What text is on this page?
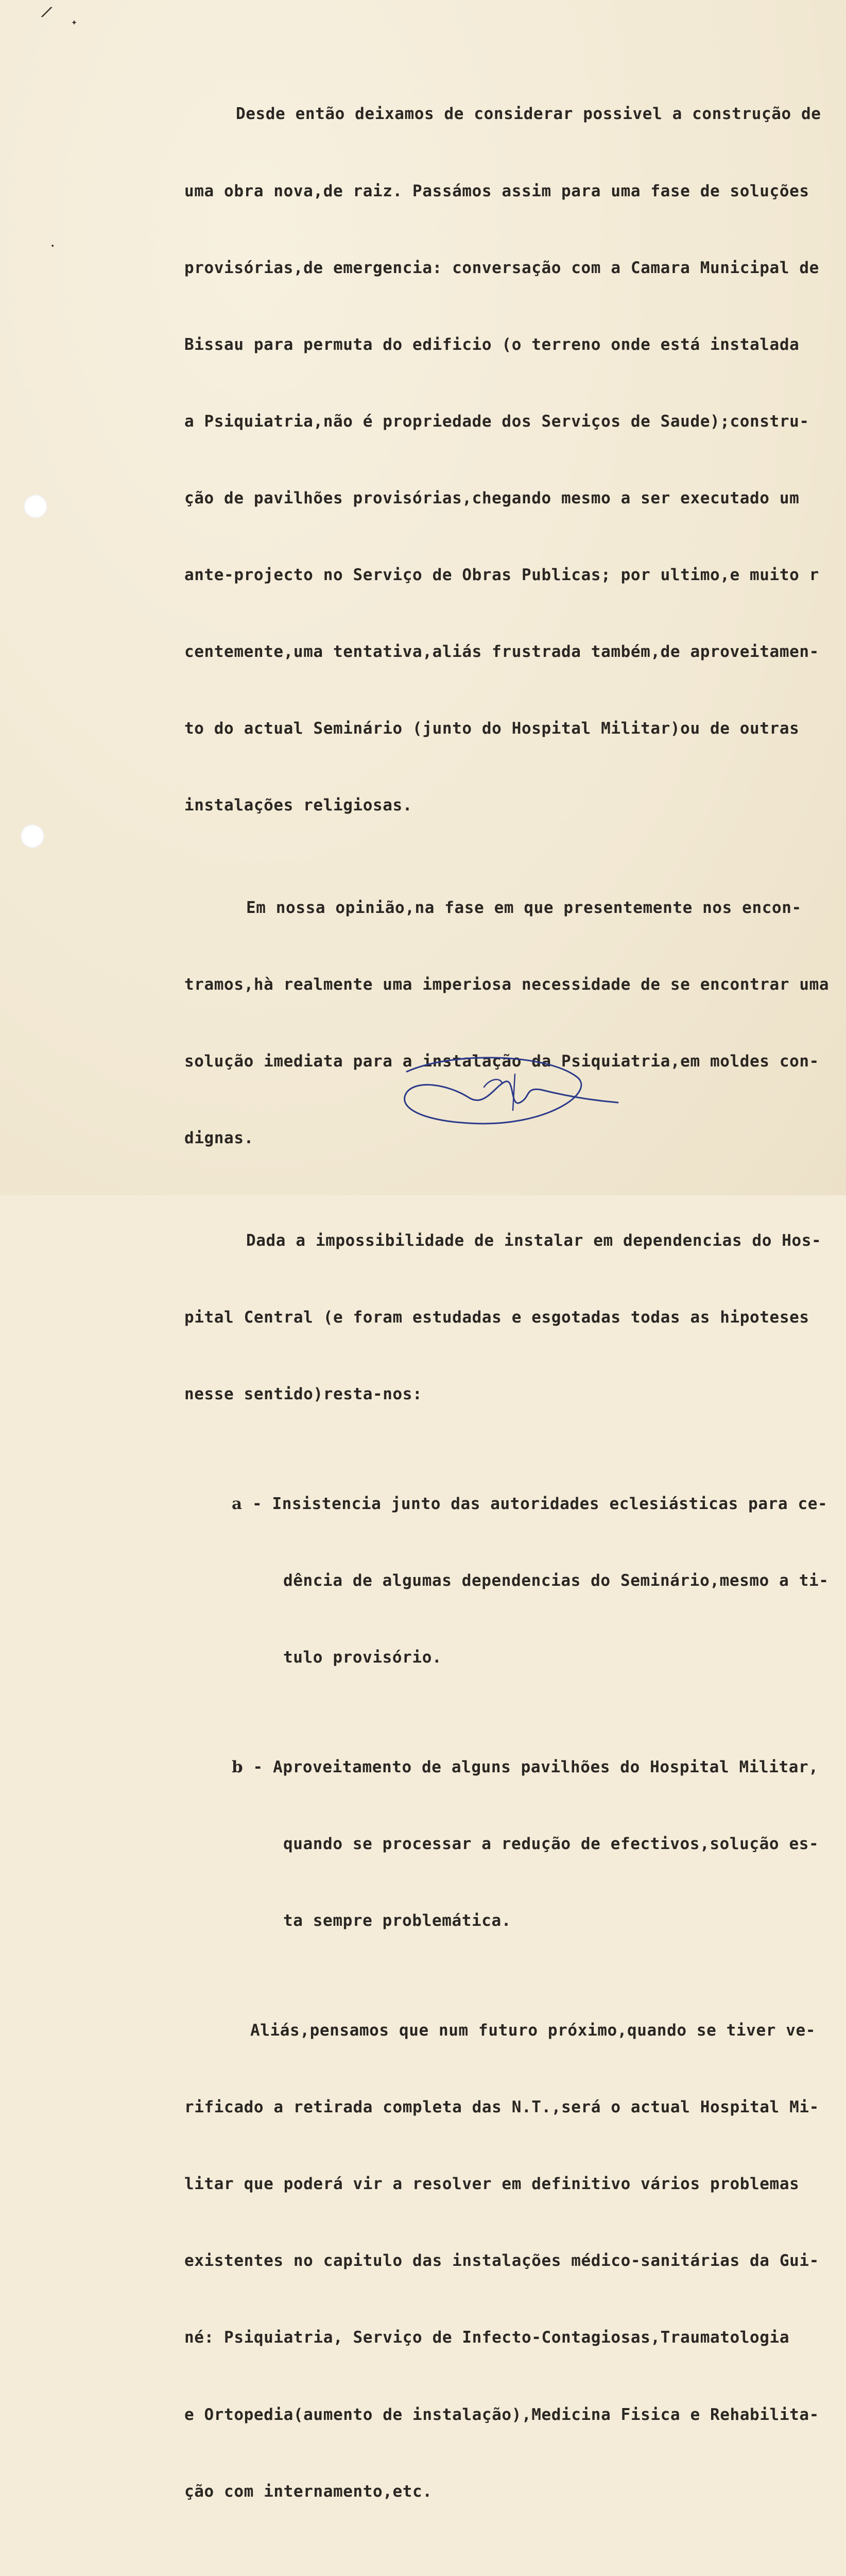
/ ✦
•

Desde então deixamos de considerar possivel a construção de

uma obra nova,de raiz. Passámos assim para uma fase de soluções

provisórias,de emergencia: conversação com a Camara Municipal de

Bissau para permuta do edificio (o terreno onde está instalada

a Psiquiatria,não é propriedade dos Serviços de Saude);constru-

ção de pavilhões provisórias,chegando mesmo a ser executado um

ante-projecto no Serviço de Obras Publicas; por ultimo,e muito r

centemente,uma tentativa,aliás frustrada também,de aproveitamen-

to do actual Seminário (junto do Hospital Militar)ou de outras

instalações religiosas.

Em nossa opinião,na fase em que presentemente nos encon-

tramos,hà realmente uma imperiosa necessidade de se encontrar uma

solução imediata para a instalação da Psiquiatria,em moldes con-

dignas.

Dada a impossibilidade de instalar em dependencias do Hos-

pital Central (e foram estudadas e esgotadas todas as hipoteses

nesse sentido)resta-nos:

a - Insistencia junto das autoridades eclesiásticas para ce-

dência de algumas dependencias do Seminário,mesmo a ti-

tulo provisório.

b - Aproveitamento de alguns pavilhões do Hospital Militar,

quando se processar a redução de efectivos,solução es-

ta sempre problemática.

Aliás,pensamos que num futuro próximo,quando se tiver ve-

rificado a retirada completa das N.T.,será o actual Hospital Mi-

litar que poderá vir a resolver em definitivo vários problemas

existentes no capitulo das instalações médico-sanitárias da Gui-

né: Psiquiatria, Serviço de Infecto-Contagiosas,Traumatologia

e Ortopedia(aumento de instalação),Medicina Fisica e Rehabilita-

ção com internamento,etc.
